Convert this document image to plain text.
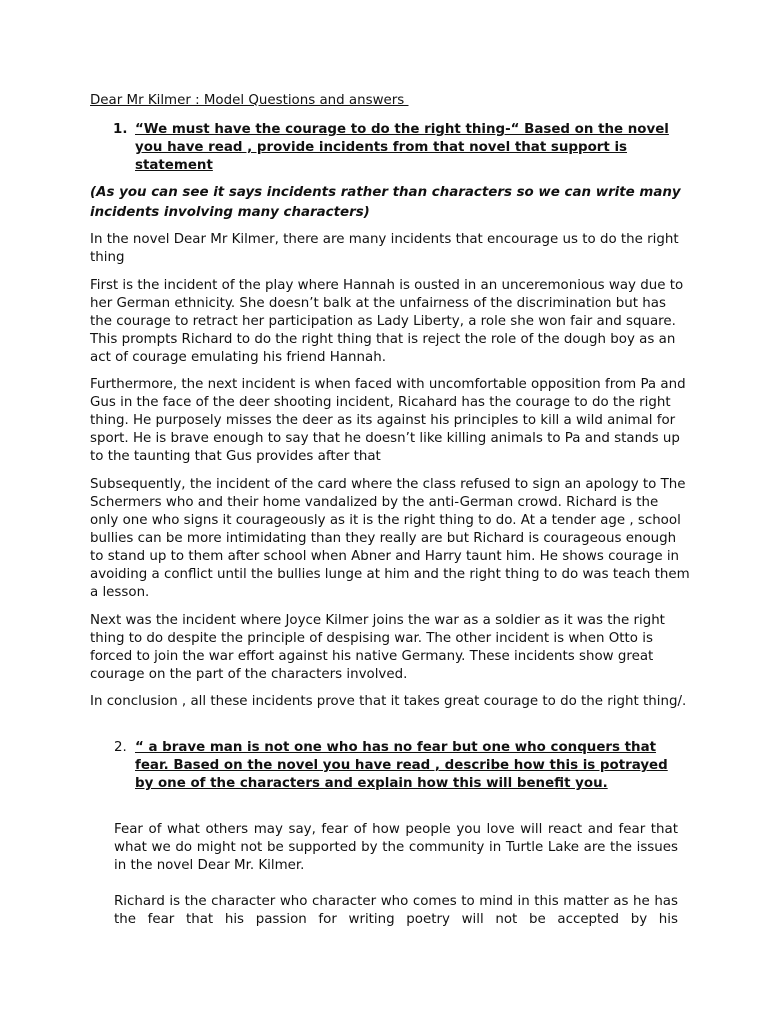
Dear Mr Kilmer : Model Questions and answers
1. “We must have the courage to do the right thing-“ Based on the novel you have read , provide incidents from that novel that support is statement
(As you can see it says incidents rather than characters so we can write many incidents involving many characters)
In the novel Dear Mr Kilmer, there are many incidents that encourage us to do the right thing
First is the incident of the play where Hannah is ousted in an unceremonious way due to her German ethnicity. She doesn’t balk at the unfairness of the discrimination but has the courage to retract her participation as Lady Liberty, a role she won fair and square. This prompts Richard to do the right thing that is reject the role of the dough boy as an act of courage emulating his friend Hannah.
Furthermore, the next incident is when faced with uncomfortable opposition from Pa and Gus in the face of the deer shooting incident, Ricahard has the courage to do the right thing. He purposely misses the deer as its against his principles to kill a wild animal for sport. He is brave enough to say that he doesn’t like killing animals to Pa and stands up to the taunting that Gus provides after that
Subsequently, the incident of the card where the class refused to sign an apology to The Schermers who and their home vandalized by the anti-German crowd. Richard is the only one who signs it courageously as it is the right thing to do. At a tender age , school bullies can be more intimidating than they really are but Richard is courageous enough to stand up to them after school when Abner and Harry taunt him. He shows courage in avoiding a conflict until the bullies lunge at him and the right thing to do was teach them a lesson.
Next was the incident where Joyce Kilmer joins the war as a soldier as it was the right thing to do despite the principle of despising war. The other incident is when Otto is forced to join the war effort against his native Germany. These incidents show great courage on the part of the characters involved.
In conclusion , all these incidents prove that it takes great courage to do the right thing/.
2. “ a brave man is not one who has no fear but one who conquers that fear. Based on the novel you have read , describe how this is potrayed by one of the characters and explain how this will benefit you.
Fear of what others may say, fear of how people you love will react and fear that what we do might not be supported by the community in Turtle Lake are the issues in the novel Dear Mr. Kilmer.
Richard is the character who character who comes to mind in this matter as he has the fear that his passion for writing poetry will not be accepted by his
